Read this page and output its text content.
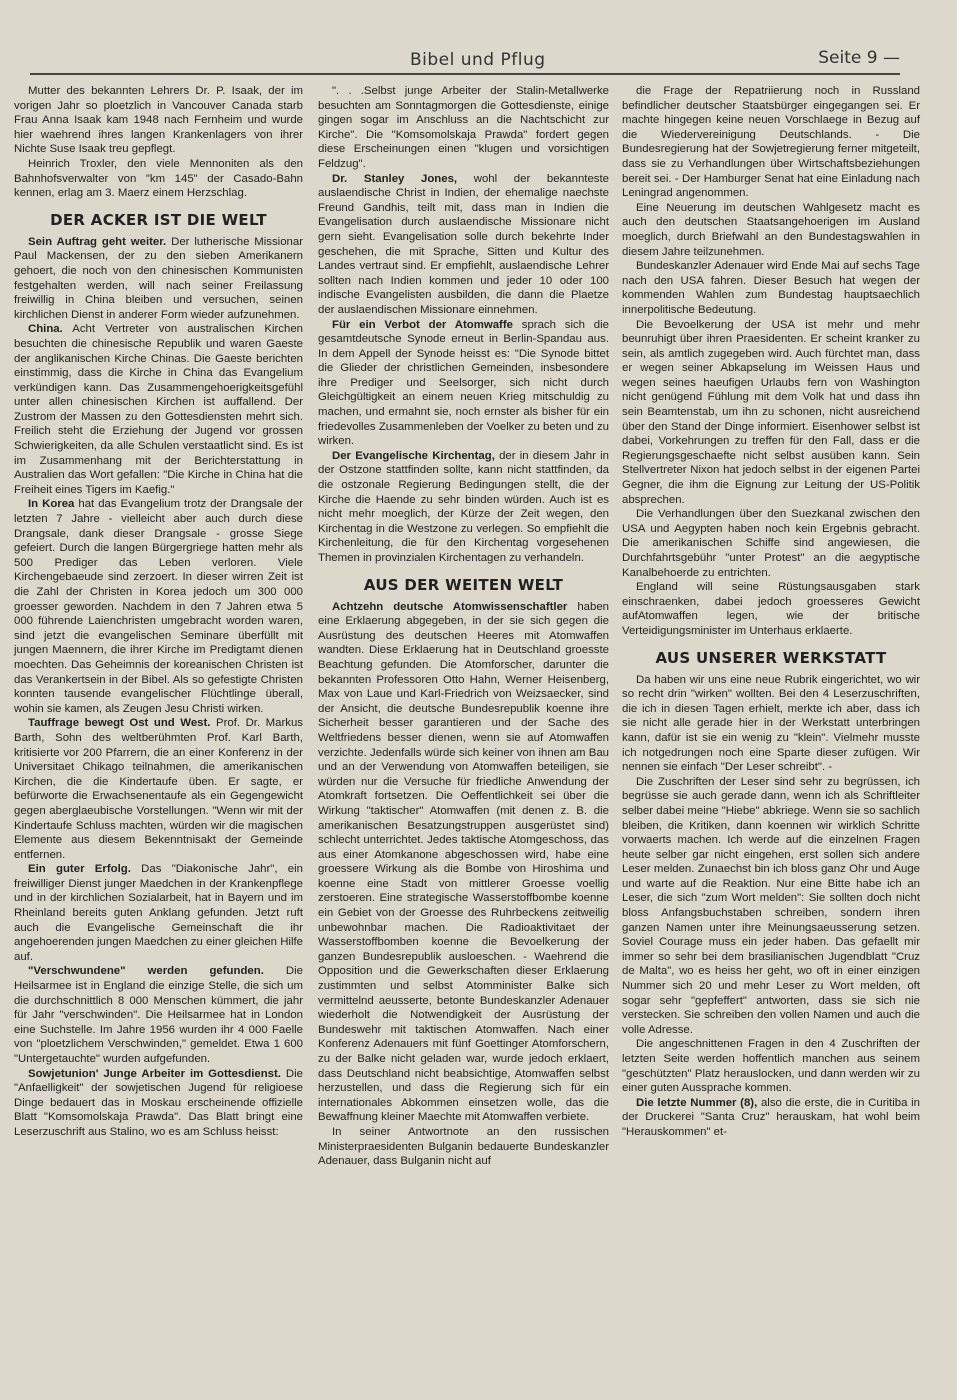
Bibel und Pflug	Seite 9 —

Mutter des bekannten Lehrers Dr. P. Isaak, der im vorigen Jahr so ploetzlich in Vancouver Canada starb Frau Anna Isaak kam 1948 nach Fernheim und wurde hier waehrend ihres langen Krankenlagers von ihrer Nichte Suse Isaak treu gepflegt.

Heinrich Troxler, den viele Mennoniten als den Bahnhofsverwalter von "km 145" der Casado-Bahn kennen, erlag am 3. Maerz einem Herzschlag.

DER ACKER IST DIE WELT

Sein Auftrag geht weiter. Der lutherische Missionar Paul Mackensen, der zu den sieben Amerikanern gehoert, die noch von den chinesischen Kommunisten festgehalten werden, will nach seiner Freilassung freiwillig in China bleiben und versuchen, seinen kirchlichen Dienst in anderer Form wieder aufzunehmen.

China. Acht Vertreter von australischen Kirchen besuchten die chinesische Republik und waren Gaeste der anglikanischen Kirche Chinas. Die Gaeste berichten einstimmig, dass die Kirche in China das Evangelium verkündigen kann. Das Zusammengehoerigkeitsgefühl unter allen chinesischen Kirchen ist auffallend. Der Zustrom der Massen zu den Gottesdiensten mehrt sich. Freilich steht die Erziehung der Jugend vor grossen Schwierigkeiten, da alle Schulen verstaatlicht sind. Es ist im Zusammenhang mit der Berichterstattung in Australien das Wort gefallen: "Die Kirche in China hat die Freiheit eines Tigers im Kaefig."

In Korea hat das Evangelium trotz der Drangsale der letzten 7 Jahre - vielleicht aber auch durch diese Drangsale, dank dieser Drangsale - grosse Siege gefeiert. Durch die langen Bürgergriege hatten mehr als 500 Prediger das Leben verloren. Viele Kirchengebaeude sind zerzoert. In dieser wirren Zeit ist die Zahl der Christen in Korea jedoch um 300 000 groesser geworden. Nachdem in den 7 Jahren etwa 5 000 führende Laienchristen umgebracht worden waren, sind jetzt die evangelischen Seminare überfüllt mit jungen Maennern, die ihrer Kirche im Predigtamt dienen moechten. Das Geheimnis der koreanischen Christen ist das Verankertsein in der Bibel. Als so gefestigte Christen konnten tausende evangelischer Flüchtlinge überall, wohin sie kamen, als Zeugen Jesu Christi wirken.

Tauffrage bewegt Ost und West. Prof. Dr. Markus Barth, Sohn des weltberühmten Prof. Karl Barth, kritisierte vor 200 Pfarrern, die an einer Konferenz in der Universitaet Chikago teilnahmen, die amerikanischen Kirchen, die die Kindertaufe üben. Er sagte, er befürworte die Erwachsenentaufe als ein Gegengewicht gegen aberglaeubische Vorstellungen. "Wenn wir mit der Kindertaufe Schluss machten, würden wir die magischen Elemente aus diesem Bekenntnisakt der Gemeinde entfernen.

Ein guter Erfolg. Das "Diakonische Jahr", ein freiwilliger Dienst junger Maedchen in der Krankenpflege und in der kirchlichen Sozialarbeit, hat in Bayern und im Rheinland bereits guten Anklang gefunden. Jetzt ruft auch die Evangelische Gemeinschaft die ihr angehoerenden jungen Maedchen zu einer gleichen Hilfe auf.

"Verschwundene" werden gefunden. Die Heilsarmee ist in England die einzige Stelle, die sich um die durchschnittlich 8 000 Menschen kümmert, die jahr für Jahr "verschwinden". Die Heilsarmee hat in London eine Suchstelle. Im Jahre 1956 wurden ihr 4 000 Faelle von "ploetzlichem Verschwinden," gemeldet. Etwa 1 600 "Untergetauchte" wurden aufgefunden.

Sowjetunion' Junge Arbeiter im Gottesdienst. Die "Anfaelligkeit" der sowjetischen Jugend für religioese Dinge bedauert das in Moskau erscheinende offizielle Blatt "Komsomolskaja Prawda". Das Blatt bringt eine Leserzuschrift aus Stalino, wo es am Schluss heisst:

". . .Selbst junge Arbeiter der Stalin-Metallwerke besuchten am Sonntagmorgen die Gottesdienste, einige gingen sogar im Anschluss an die Nachtschicht zur Kirche". Die "Komsomolskaja Prawda" fordert gegen diese Erscheinungen einen "klugen und vorsichtigen Feldzug".

Dr. Stanley Jones, wohl der bekannteste auslaendische Christ in Indien, der ehemalige naechste Freund Gandhis, teilt mit, dass man in Indien die Evangelisation durch auslaendische Missionare nicht gern sieht. Evangelisation solle durch bekehrte Inder geschehen, die mit Sprache, Sitten und Kultur des Landes vertraut sind. Er empfiehlt, auslaendische Lehrer sollten nach Indien kommen und jeder 10 oder 100 indische Evangelisten ausbilden, die dann die Plaetze der auslaendischen Missionare einnehmen.

Für ein Verbot der Atomwaffe sprach sich die gesamtdeutsche Synode erneut in Berlin-Spandau aus. In dem Appell der Synode heisst es: "Die Synode bittet die Glieder der christlichen Gemeinden, insbesondere ihre Prediger und Seelsorger, sich nicht durch Gleichgültigkeit an einem neuen Krieg mitschuldig zu machen, und ermahnt sie, noch ernster als bisher für ein friedevolles Zusammenleben der Voelker zu beten und zu wirken.

Der Evangelische Kirchentag, der in diesem Jahr in der Ostzone stattfinden sollte, kann nicht stattfinden, da die ostzonale Regierung Bedingungen stellt, die der Kirche die Haende zu sehr binden würden. Auch ist es nicht mehr moeglich, der Kürze der Zeit wegen, den Kirchentag in die Westzone zu verlegen. So empfiehlt die Kirchenleitung, die für den Kirchentag vorgesehenen Themen in provinzialen Kirchentagen zu verhandeln.

AUS DER WEITEN WELT

Achtzehn deutsche Atomwissenschaftler haben eine Erklaerung abgegeben, in der sie sich gegen die Ausrüstung des deutschen Heeres mit Atomwaffen wandten. Diese Erklaerung hat in Deutschland groesste Beachtung gefunden. Die Atomforscher, darunter die bekannten Professoren Otto Hahn, Werner Heisenberg, Max von Laue und Karl-Friedrich von Weizsaecker, sind der Ansicht, die deutsche Bundesrepublik koenne ihre Sicherheit besser garantieren und der Sache des Weltfriedens besser dienen, wenn sie auf Atomwaffen verzichte. Jedenfalls würde sich keiner von ihnen am Bau und an der Verwendung von Atomwaffen beteiligen, sie würden nur die Versuche für friedliche Anwendung der Atomkraft fortsetzen. Die Oeffentlichkeit sei über die Wirkung "taktischer" Atomwaffen (mit denen z. B. die amerikanischen Besatzungstruppen ausgerüstet sind) schlecht unterrichtet. Jedes taktische Atomgeschoss, das aus einer Atomkanone abgeschossen wird, habe eine groessere Wirkung als die Bombe von Hiroshima und koenne eine Stadt von mittlerer Groesse voellig zerstoeren. Eine strategische Wasserstoffbombe koenne ein Gebiet von der Groesse des Ruhrbeckens zeitweilig unbewohnbar machen. Die Radioaktivitaet der Wasserstoffbomben koenne die Bevoelkerung der ganzen Bundesrepublik ausloeschen. - Waehrend die Opposition und die Gewerkschaften dieser Erklaerung zustimmten und selbst Atomminister Balke sich vermittelnd aeusserte, betonte Bundeskanzler Adenauer wiederholt die Notwendigkeit der Ausrüstung der Bundeswehr mit taktischen Atomwaffen. Nach einer Konferenz Adenauers mit fünf Goettinger Atomforschern, zu der Balke nicht geladen war, wurde jedoch erklaert, dass Deutschland nicht beabsichtige, Atomwaffen selbst herzustellen, und dass die Regierung sich für ein internationales Abkommen einsetzen wolle, das die Bewaffnung kleiner Maechte mit Atomwaffen verbiete.

In seiner Antwortnote an den russischen Ministerpraesidenten Bulganin bedauerte Bundeskanzler Adenauer, dass Bulganin nicht auf

die Frage der Repatriierung noch in Russland befindlicher deutscher Staatsbürger eingegangen sei. Er machte hingegen keine neuen Vorschlaege in Bezug auf die Wiedervereinigung Deutschlands. - Die Bundesregierung hat der Sowjetregierung ferner mitgeteilt, dass sie zu Verhandlungen über Wirtschaftsbeziehungen bereit sei. - Der Hamburger Senat hat eine Einladung nach Leningrad angenommen.

Eine Neuerung im deutschen Wahlgesetz macht es auch den deutschen Staatsangehoerigen im Ausland moeglich, durch Briefwahl an den Bundestagswahlen in diesem Jahre teilzunehmen.

Bundeskanzler Adenauer wird Ende Mai auf sechs Tage nach den USA fahren. Dieser Besuch hat wegen der kommenden Wahlen zum Bundestag hauptsaechlich innerpolitische Bedeutung.

Die Bevoelkerung der USA ist mehr und mehr beunruhigt über ihren Praesidenten. Er scheint kranker zu sein, als amtlich zugegeben wird. Auch fürchtet man, dass er wegen seiner Abkapselung im Weissen Haus und wegen seines haeufigen Urlaubs fern von Washington nicht genügend Fühlung mit dem Volk hat und dass ihn sein Beamtenstab, um ihn zu schonen, nicht ausreichend über den Stand der Dinge informiert. Eisenhower selbst ist dabei, Vorkehrungen zu treffen für den Fall, dass er die Regierungsgeschaefte nicht selbst ausüben kann. Sein Stellvertreter Nixon hat jedoch selbst in der eigenen Partei Gegner, die ihm die Eignung zur Leitung der US-Politik absprechen.

Die Verhandlungen über den Suezkanal zwischen den USA und Aegypten haben noch kein Ergebnis gebracht. Die amerikanischen Schiffe sind angewiesen, die Durchfahrtsgebühr "unter Protest" an die aegyptische Kanalbehoerde zu entrichten.

England will seine Rüstungsausgaben stark einschraenken, dabei jedoch groesseres Gewicht aufAtomwaffen legen, wie der britische Verteidigungsminister im Unterhaus erklaerte.

AUS UNSERER WERKSTATT

Da haben wir uns eine neue Rubrik eingerichtet, wo wir so recht drin "wirken" wollten. Bei den 4 Leserzuschriften, die ich in diesen Tagen erhielt, merkte ich aber, dass ich sie nicht alle gerade hier in der Werkstatt unterbringen kann, dafür ist sie ein wenig zu "klein". Vielmehr musste ich notgedrungen noch eine Sparte dieser zufügen. Wir nennen sie einfach "Der Leser schreibt". -

Die Zuschriften der Leser sind sehr zu begrüssen, ich begrüsse sie auch gerade dann, wenn ich als Schriftleiter selber dabei meine "Hiebe" abkriege. Wenn sie so sachlich bleiben, die Kritiken, dann koennen wir wirklich Schritte vorwaerts machen. Ich werde auf die einzelnen Fragen heute selber gar nicht eingehen, erst sollen sich andere Leser melden. Zunaechst bin ich bloss ganz Ohr und Auge und warte auf die Reaktion. Nur eine Bitte habe ich an Leser, die sich "zum Wort melden": Sie sollten doch nicht bloss Anfangsbuchstaben schreiben, sondern ihren ganzen Namen unter ihre Meinungsaeusserung setzen. Soviel Courage muss ein jeder haben. Das gefaellt mir immer so sehr bei dem brasilianischen Jugendblatt "Cruz de Malta", wo es heiss her geht, wo oft in einer einzigen Nummer sich 20 und mehr Leser zu Wort melden, oft sogar sehr "gepfeffert" antworten, dass sie sich nie verstecken. Sie schreiben den vollen Namen und auch die volle Adresse.

Die angeschnittenen Fragen in den 4 Zuschriften der letzten Seite werden hoffentlich manchen aus seinem "geschützten" Platz herauslocken, und dann werden wir zu einer guten Aussprache kommen.

Die letzte Nummer (8), also die erste, die in Curitiba in der Druckerei "Santa Cruz" herauskam, hat wohl beim "Herauskommen" et-
